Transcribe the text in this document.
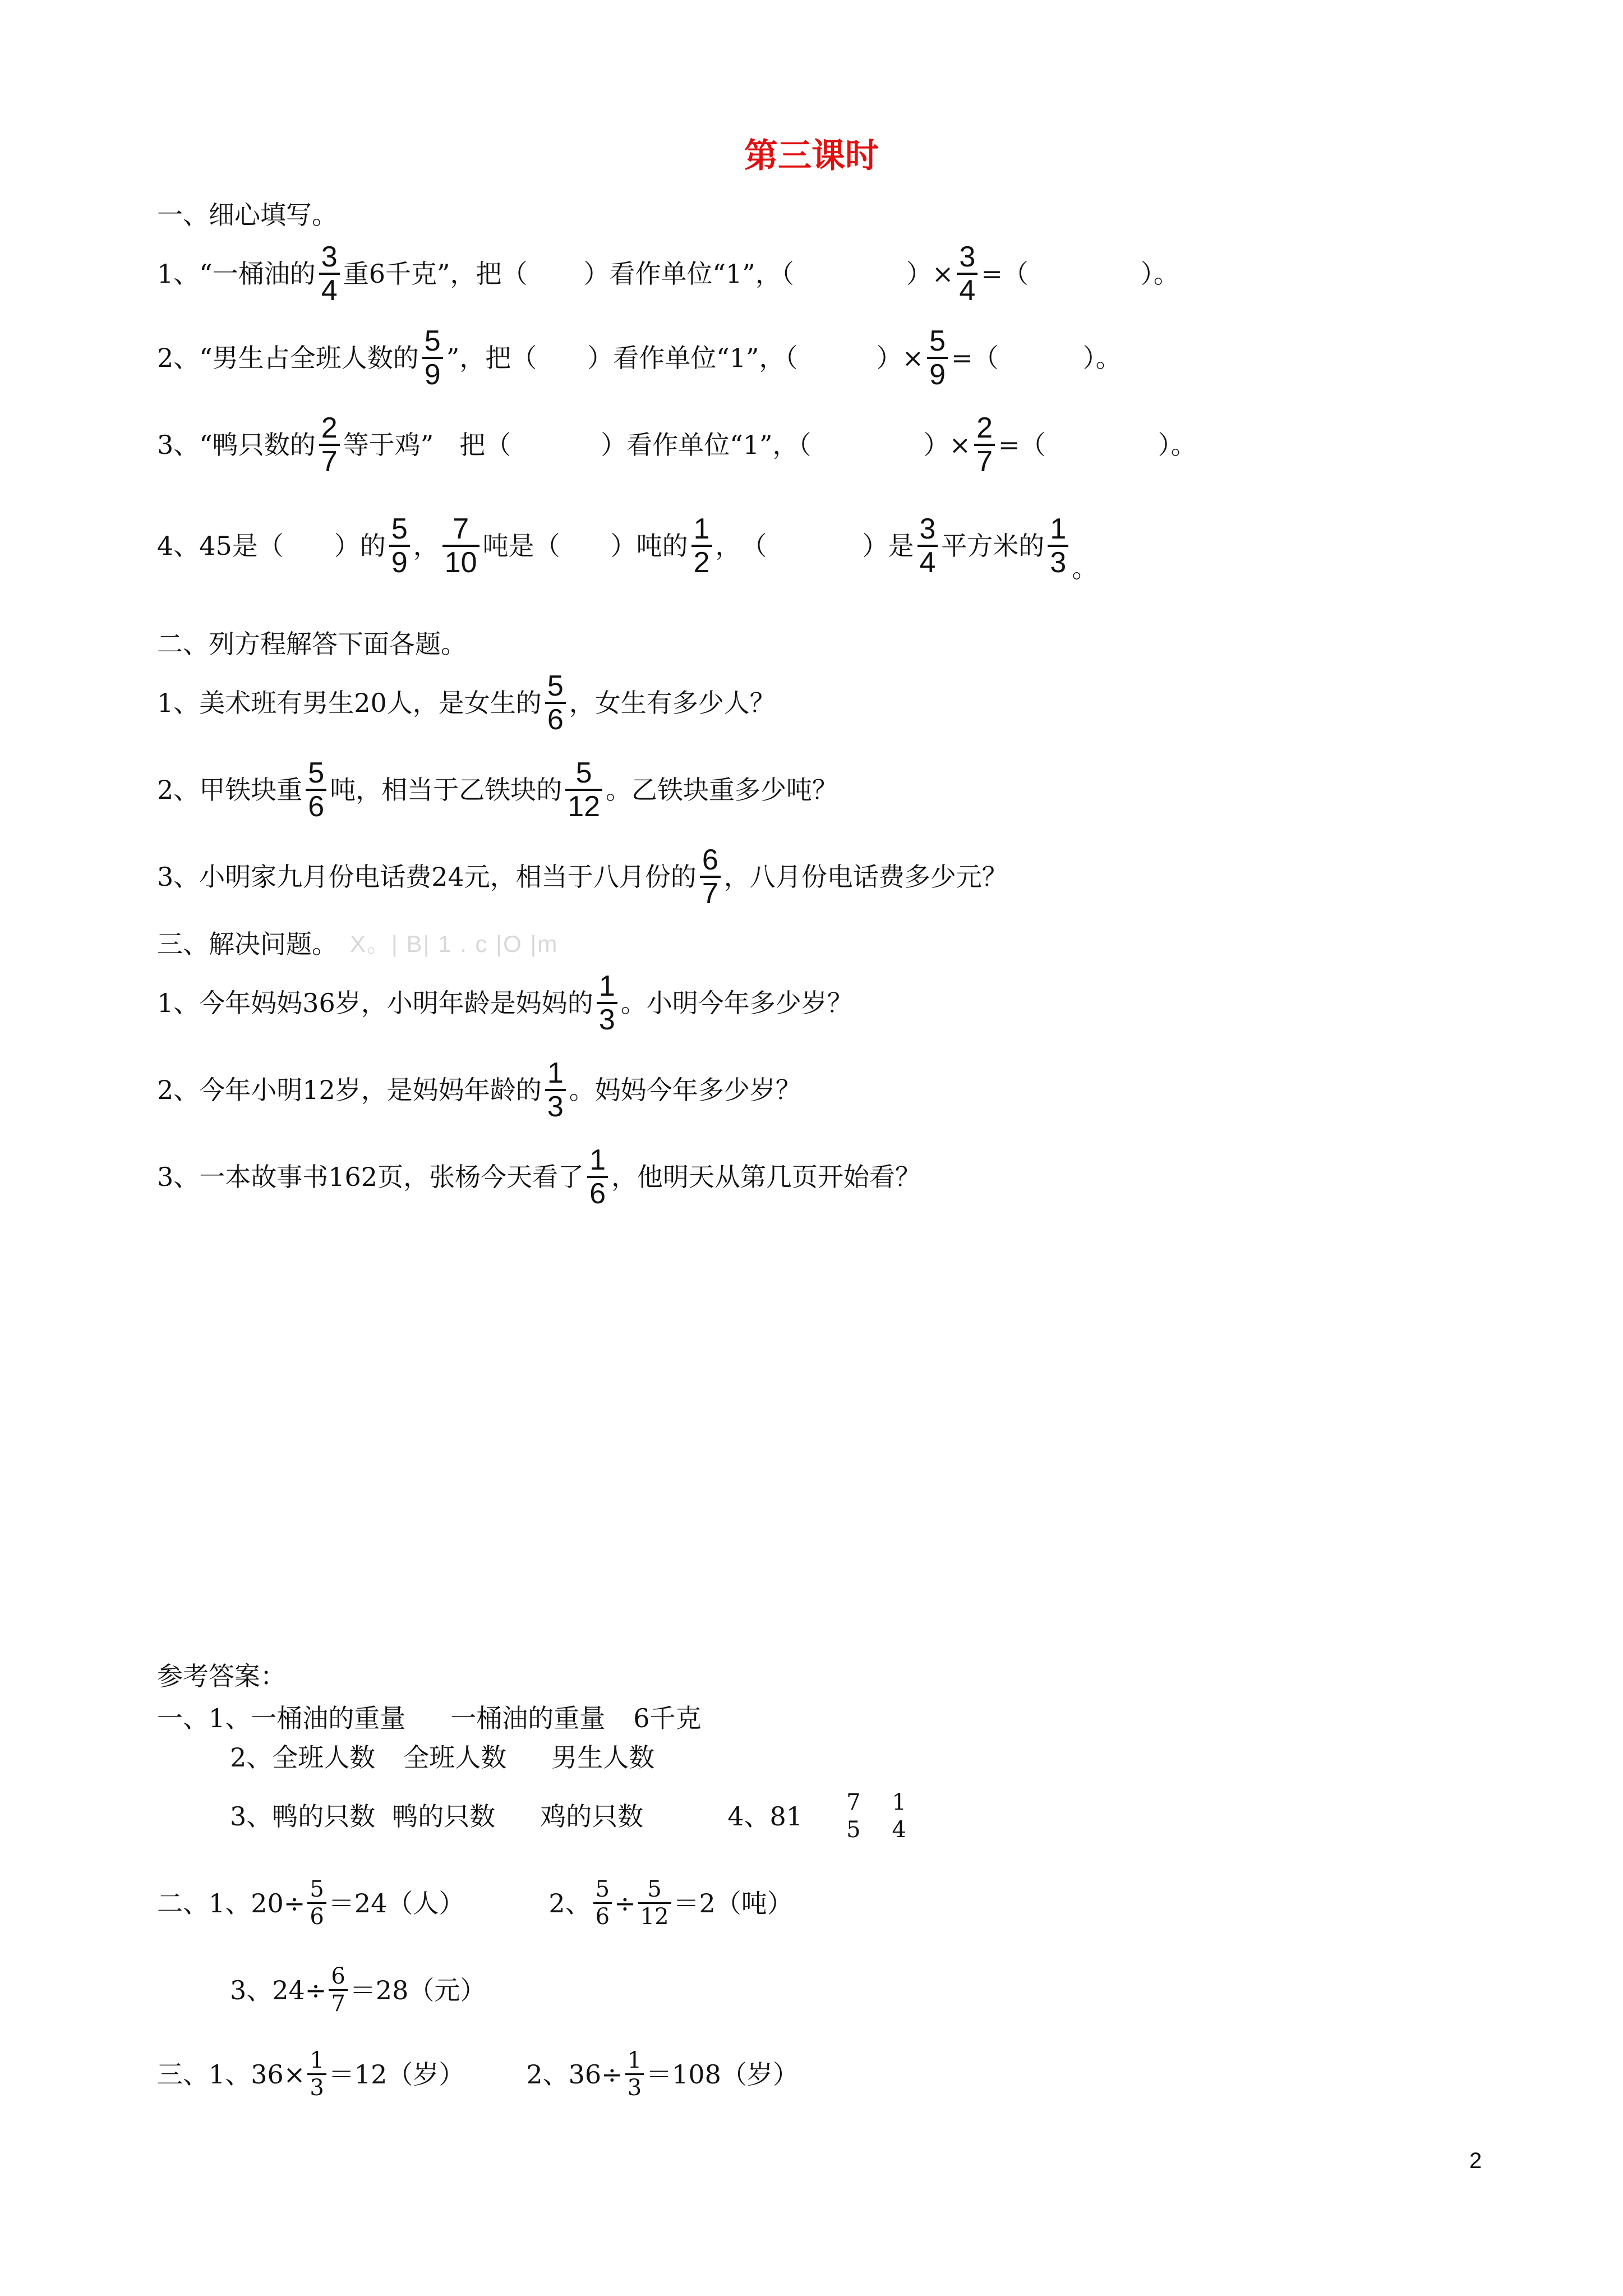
第三课时
一、细心填写。
1、“一桶油的 $\frac{3}{4}$ 重6千克”，把（ ）看作单位“1”，（	）× $\frac{3}{4}$ =（	）。
2、“男生占全班人数的 $\frac{5}{9}$ ”，把（ ）看作单位“1”，（	）× $\frac{5}{9}$ =（	）。
3、“鸭只数的 $\frac{2}{7}$ 等于鸡”　把（	）看作单位“1”，（	）× $\frac{2}{7}$ =（	）。
4、45是（ ）的 $\frac{5}{9}$ ， $\frac{7}{10}$ 吨是（ ）吨的 $\frac{1}{2}$ ，　（	）是 $\frac{3}{4}$ 平方米的 $\frac{1}{3}$ 。
二、列方程解答下面各题。
1、美术班有男生20人，是女生的 $\frac{5}{6}$ ，女生有多少人？
2、甲铁块重 $\frac{5}{6}$ 吨，相当于乙铁块的 $\frac{5}{12}$ 。乙铁块重多少吨？
3、小明家九月份电话费24元，相当于八月份的 $\frac{6}{7}$ ，八月份电话费多少元？
三、解决问题。 X。| B| 1 . c |O |m
1、今年妈妈36岁，小明年龄是妈妈的 $\frac{1}{3}$ 。小明今年多少岁？
2、今年小明12岁，是妈妈年龄的 $\frac{1}{3}$ 。妈妈今年多少岁？
3、一本故事书162页，张杨今天看了 $\frac{1}{6}$ ，他明天从第几页开始看？
参考答案：
一、1、一桶油的重量 一桶油的重量 6千克
2、全班人数 全班人数 男生人数
3、鸭的只数 鸭的只数 鸡的只数	4、81 7
5
1
4
二、1、$20\div \frac{5}{6} =24$（人）	2、 $\frac{5}{6} \div \frac{5}{12} =2$（吨）
3、$24\div \frac{6}{7} =28$（元）
三、1、$36\times \frac{1}{3} =12$（岁） 2、$36\div \frac{1}{3} =108$（岁）
2
